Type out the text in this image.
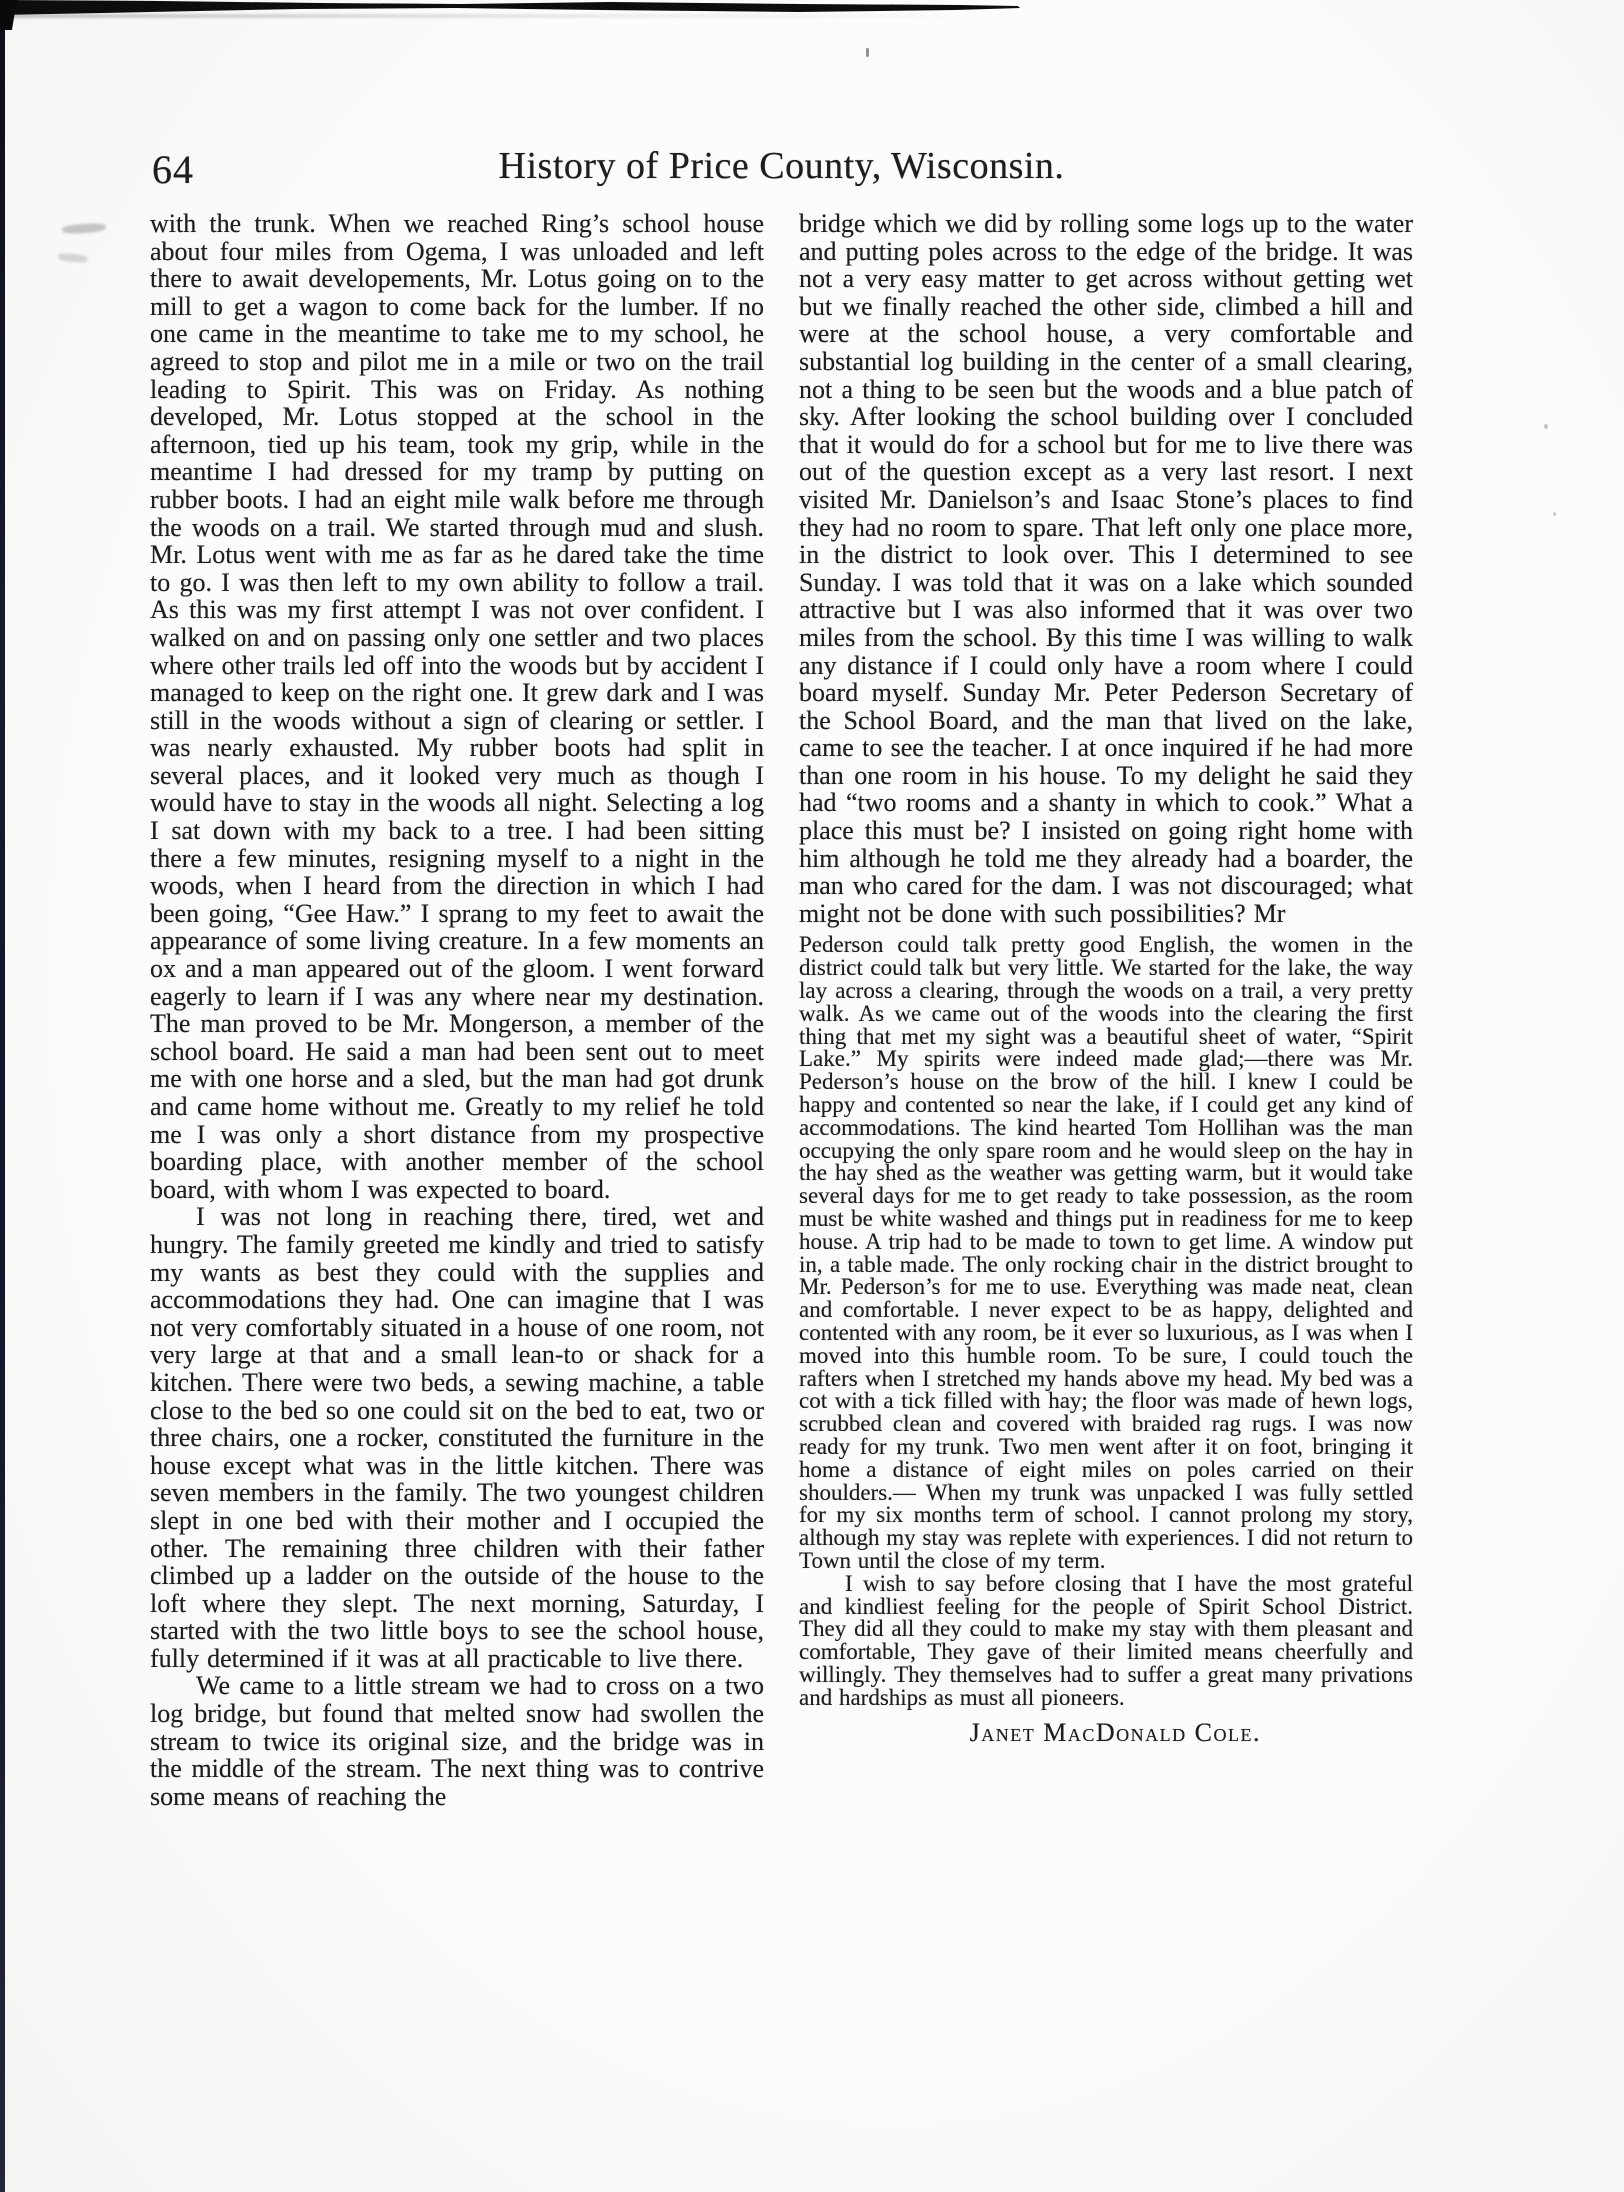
64	History of Price County, Wisconsin.

with the trunk. When we reached Ring’s school house about four miles from Ogema, I was unloaded and left there to await developements, Mr. Lotus going on to the mill to get a wagon to come back for the lumber. If no one came in the meantime to take me to my school, he agreed to stop and pilot me in a mile or two on the trail leading to Spirit. This was on Friday. As nothing developed, Mr. Lotus stopped at the school in the afternoon, tied up his team, took my grip, while in the meantime I had dressed for my tramp by putting on rubber boots. I had an eight mile walk before me through the woods on a trail. We started through mud and slush. Mr. Lotus went with me as far as he dared take the time to go. I was then left to my own ability to follow a trail. As this was my first attempt I was not over confident. I walked on and on passing only one settler and two places where other trails led off into the woods but by accident I managed to keep on the right one. It grew dark and I was still in the woods without a sign of clearing or settler. I was nearly exhausted. My rubber boots had split in several places, and it looked very much as though I would have to stay in the woods all night. Selecting a log I sat down with my back to a tree. I had been sitting there a few minutes, resigning myself to a night in the woods, when I heard from the direction in which I had been going, “Gee Haw.” I sprang to my feet to await the appearance of some living creature. In a few moments an ox and a man appeared out of the gloom. I went forward eagerly to learn if I was any where near my destination. The man proved to be Mr. Mongerson, a member of the school board. He said a man had been sent out to meet me with one horse and a sled, but the man had got drunk and came home without me. Greatly to my relief he told me I was only a short distance from my prospective boarding place, with another member of the school board, with whom I was expected to board.

I was not long in reaching there, tired, wet and hungry. The family greeted me kindly and tried to satisfy my wants as best they could with the supplies and accommodations they had. One can imagine that I was not very comfortably situated in a house of one room, not very large at that and a small lean-to or shack for a kitchen. There were two beds, a sewing machine, a table close to the bed so one could sit on the bed to eat, two or three chairs, one a rocker, constituted the furniture in the house except what was in the little kitchen. There was seven members in the family. The two youngest children slept in one bed with their mother and I occupied the other. The remaining three children with their father climbed up a ladder on the outside of the house to the loft where they slept. The next morning, Saturday, I started with the two little boys to see the school house, fully determined if it was at all practicable to live there.

We came to a little stream we had to cross on a two log bridge, but found that melted snow had swollen the stream to twice its original size, and the bridge was in the middle of the stream. The next thing was to contrive some means of reaching the

bridge which we did by rolling some logs up to the water and putting poles across to the edge of the bridge. It was not a very easy matter to get across without getting wet but we finally reached the other side, climbed a hill and were at the school house, a very comfortable and substantial log building in the center of a small clearing, not a thing to be seen but the woods and a blue patch of sky. After looking the school building over I concluded that it would do for a school but for me to live there was out of the question except as a very last resort. I next visited Mr. Danielson’s and Isaac Stone’s places to find they had no room to spare. That left only one place more, in the district to look over. This I determined to see Sunday. I was told that it was on a lake which sounded attractive but I was also informed that it was over two miles from the school. By this time I was willing to walk any distance if I could only have a room where I could board myself. Sunday Mr. Peter Pederson Secretary of the School Board, and the man that lived on the lake, came to see the teacher. I at once inquired if he had more than one room in his house. To my delight he said they had “two rooms and a shanty in which to cook.” What a place this must be? I insisted on going right home with him although he told me they already had a boarder, the man who cared for the dam. I was not discouraged; what might not be done with such possibilities? Mr

Pederson could talk pretty good English, the women in the district could talk but very little. We started for the lake, the way lay across a clearing, through the woods on a trail, a very pretty walk. As we came out of the woods into the clearing the first thing that met my sight was a beautiful sheet of water, “Spirit Lake.” My spirits were indeed made glad;—there was Mr. Pederson’s house on the brow of the hill. I knew I could be happy and contented so near the lake, if I could get any kind of accommodations. The kind hearted Tom Hollihan was the man occupying the only spare room and he would sleep on the hay in the hay shed as the weather was getting warm, but it would take several days for me to get ready to take possession, as the room must be white washed and things put in readiness for me to keep house. A trip had to be made to town to get lime. A window put in, a table made. The only rocking chair in the district brought to Mr. Pederson’s for me to use. Everything was made neat, clean and comfortable. I never expect to be as happy, delighted and contented with any room, be it ever so luxurious, as I was when I moved into this humble room. To be sure, I could touch the rafters when I stretched my hands above my head. My bed was a cot with a tick filled with hay; the floor was made of hewn logs, scrubbed clean and covered with braided rag rugs. I was now ready for my trunk. Two men went after it on foot, bringing it home a distance of eight miles on poles carried on their shoulders.— When my trunk was unpacked I was fully settled for my six months term of school. I cannot prolong my story, although my stay was replete with experiences. I did not return to Town until the close of my term.

I wish to say before closing that I have the most grateful and kindliest feeling for the people of Spirit School District. They did all they could to make my stay with them pleasant and comfortable, They gave of their limited means cheerfully and willingly. They themselves had to suffer a great many privations and hardships as must all pioneers.

Janet MacDonald Cole.
